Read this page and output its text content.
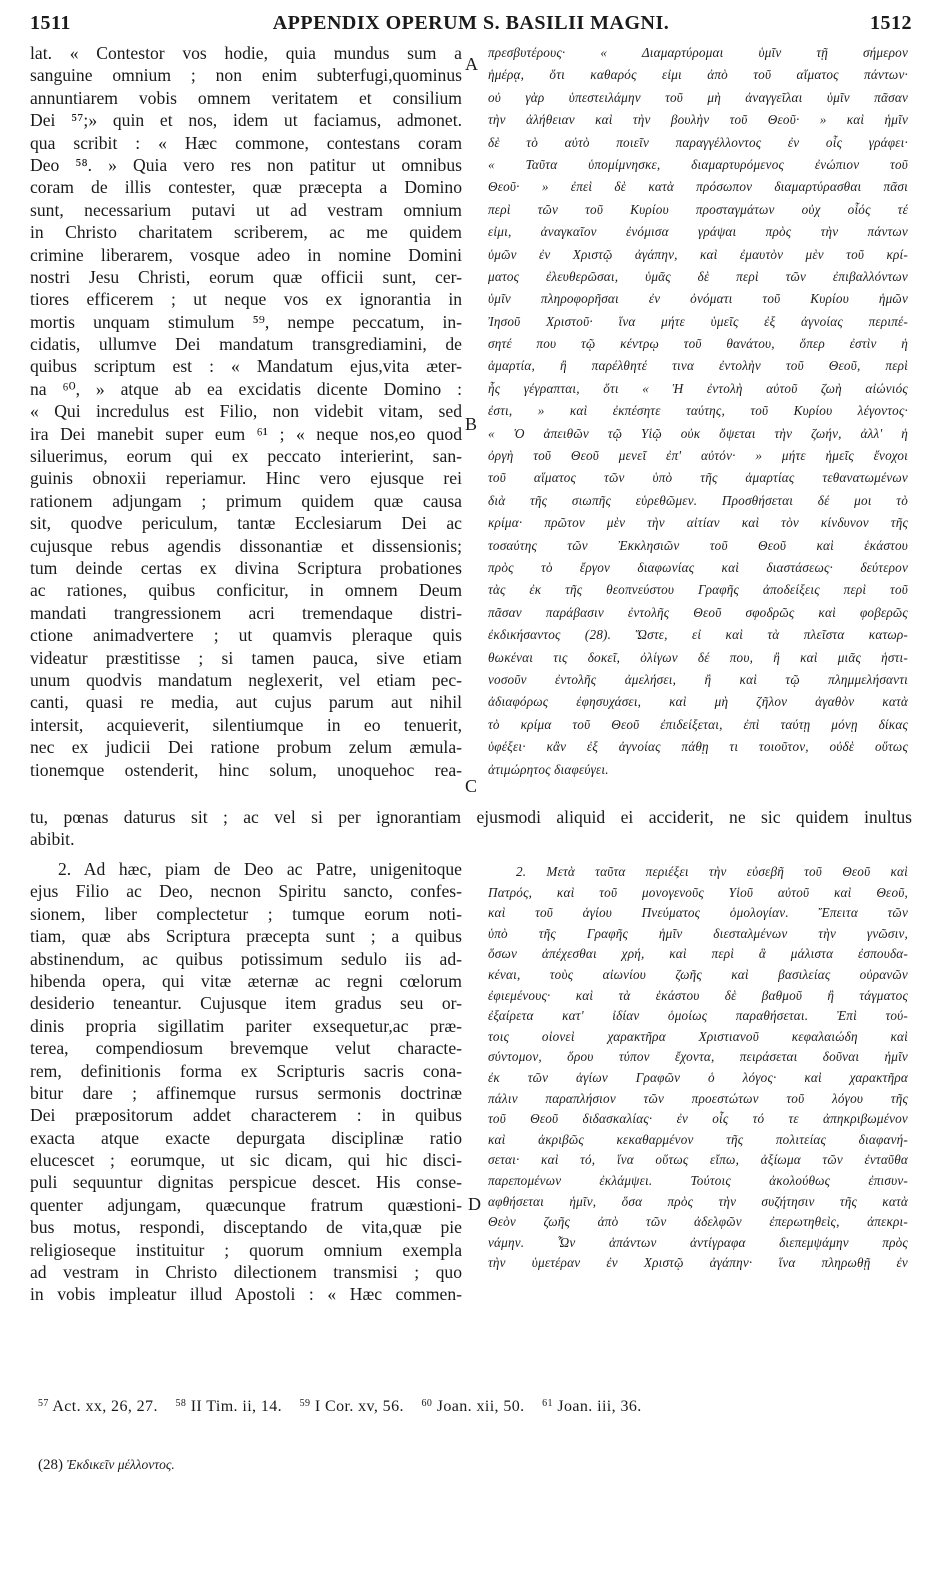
1511	APPENDIX OPERUM S. BASILII MAGNI.	1512
lat. « Contestor vos hodie, quia mundus sum a
sanguine omnium ; non enim subterfugi,quominus
annuntiarem vobis omnem veritatem et consilium
Dei ⁵⁷;» quin et nos, idem ut faciamus, admonet.
qua scribit : « Hæc commone, contestans coram
Deo ⁵⁸. » Quia vero res non patitur ut omnibus
coram de illis contester, quæ præcepta a Domino
sunt, necessarium putavi ut ad vestram omnium
in Christo charitatem scriberem, ac me quidem
crimine liberarem, vosque adeo in nomine Domini
nostri Jesu Christi, eorum quæ officii sunt, cer-
tiores efficerem ; ut neque vos ex ignorantia in
mortis unquam stimulum ⁵⁹, nempe peccatum, in-
cidatis, ullumve Dei mandatum transgrediamini, de
quibus scriptum est : « Mandatum ejus,vita æter-
na ⁶⁰, » atque ab ea excidatis dicente Domino :
« Qui incredulus est Filio, non videbit vitam, sed
ira Dei manebit super eum ⁶¹ ; « neque nos,eo quod
siluerimus, eorum qui ex peccato interierint, san-
guinis obnoxii reperiamur. Hinc vero ejusque rei
rationem adjungam ; primum quidem quæ causa
sit, quodve periculum, tantæ Ecclesiarum Dei ac
cujusque rebus agendis dissonantiæ et dissensionis;
tum deinde certas ex divina Scriptura probationes
ac rationes, quibus conficitur, in omnem Deum
mandati trangressionem acri tremendaque distri-
ctione animadvertere ; ut quamvis pleraque quis
videatur præstitisse ; si tamen pauca, sive etiam
unum quodvis mandatum neglexerit, vel etiam pec-
canti, quasi re media, aut cujus parum aut nihil
intersit, acquieverit, silentiumque in eo tenuerit,
nec ex judicii Dei ratione probum zelum æmula-
tionemque ostenderit, hinc solum, unoquehoc rea-
πρεσβυτέρους· « Διαμαρτύρομαι ὑμῖν τῇ σήμερον
ἡμέρᾳ, ὅτι καθαρός εἰμι ἀπὸ τοῦ αἵματος πάντων·
οὐ γὰρ ὑπεστειλάμην τοῦ μὴ ἀναγγεῖλαι ὑμῖν πᾶσαν
τὴν ἀλήθειαν καὶ τὴν βουλὴν τοῦ Θεοῦ· » καὶ ἡμῖν
δὲ τὸ αὐτὸ ποιεῖν παραγγέλλοντος ἐν οἷς γράφει·
« Ταῦτα ὑπομίμνησκε, διαμαρτυρόμενος ἐνώπιον τοῦ
Θεοῦ· » ἐπεὶ δὲ κατὰ πρόσωπον διαμαρτύρασθαι πᾶσι
περὶ τῶν τοῦ Κυρίου προσταγμάτων οὐχ οἷός τέ
εἰμι, ἀναγκαῖον ἐνόμισα γράψαι πρὸς τὴν πάντων
ὑμῶν ἐν Χριστῷ ἀγάπην, καὶ ἐμαυτὸν μὲν τοῦ κρί-
ματος ἐλευθερῶσαι, ὑμᾶς δὲ περὶ τῶν ἐπιβαλλόντων
ὑμῖν πληροφορῆσαι ἐν ὀνόματι τοῦ Κυρίου ἡμῶν
Ἰησοῦ Χριστοῦ· ἵνα μήτε ὑμεῖς ἐξ ἀγνοίας περιπέ-
σητέ που τῷ κέντρῳ τοῦ θανάτου, ὅπερ ἐστὶν ἡ
ἁμαρτία, ἢ παρέλθητέ τινα ἐντολὴν τοῦ Θεοῦ, περὶ
ἧς γέγραπται, ὅτι « Ἡ ἐντολὴ αὐτοῦ ζωὴ αἰώνιός
ἐστι, » καὶ ἐκπέσητε ταύτης, τοῦ Κυρίου λέγοντος·
« Ὁ ἀπειθῶν τῷ Υἱῷ οὐκ ὄψεται τὴν ζωήν, ἀλλ' ἡ
ὀργὴ τοῦ Θεοῦ μενεῖ ἐπ' αὐτόν· » μήτε ἡμεῖς ἔνοχοι
τοῦ αἵματος τῶν ὑπὸ τῆς ἁμαρτίας τεθανατωμένων
διὰ τῆς σιωπῆς εὑρεθῶμεν. Προσθήσεται δέ μοι τὸ
κρίμα· πρῶτον μὲν τὴν αἰτίαν καὶ τὸν κίνδυνον τῆς
τοσαύτης τῶν Ἐκκλησιῶν τοῦ Θεοῦ καὶ ἑκάστου
πρὸς τὸ ἔργον διαφωνίας καὶ διαστάσεως· δεύτερον
τὰς ἐκ τῆς θεοπνεύστου Γραφῆς ἀποδείξεις περὶ τοῦ
πᾶσαν παράβασιν ἐντολῆς Θεοῦ σφοδρῶς καὶ φοβερῶς
ἐκδικήσαντος (28). Ὥστε, εἰ καὶ τὰ πλεῖστα κατωρ-
θωκέναι τις δοκεῖ, ὀλίγων δέ που, ἢ καὶ μιᾶς ἡστι-
νοσοῦν ἐντολῆς ἀμελήσει, ἢ καὶ τῷ πλημμελήσαντι
ἀδιαφόρως ἐφησυχάσει, καὶ μὴ ζῆλον ἀγαθὸν κατὰ
τὸ κρίμα τοῦ Θεοῦ ἐπιδείξεται, ἐπὶ ταύτῃ μόνῃ δίκας
ὑφέξει· κἂν ἐξ ἀγνοίας πάθῃ τι τοιοῦτον, οὐδὲ οὕτως
ἀτιμώρητος διαφεύγει.
tu, pœnas daturus sit ; ac vel si per ignorantiam ejusmodi aliquid ei acciderit, ne sic quidem inultus
abibit.
2. Ad hæc, piam de Deo ac Patre, unigenitoque
ejus Filio ac Deo, necnon Spiritu sancto, confes-
sionem, liber complectetur ; tumque eorum noti-
tiam, quæ abs Scriptura præcepta sunt ; a quibus
abstinendum, ac quibus potissimum sedulo iis ad-
hibenda opera, qui vitæ æternæ ac regni cœlorum
desiderio teneantur. Cujusque item gradus seu or-
dinis propria sigillatim pariter exsequetur,ac præ-
terea, compendiosum brevemque velut characte-
rem, definitionis forma ex Scripturis sacris cona-
bitur dare ; affinemque rursus sermonis doctrinæ
Dei præpositorum addet characterem : in quibus
exacta atque exacte depurgata disciplinæ ratio
elucescet ; eorumque, ut sic dicam, qui hic disci-
puli sequuntur dignitas perspicue descet. His conse-
quenter adjungam, quæcunque fratrum quæstioni-
bus motus, respondi, disceptando de vita,quæ pie
religioseque instituitur ; quorum omnium exempla
ad vestram in Christo dilectionem transmisi ; quo
in vobis impleatur illud Apostoli : « Hæc commen-
2. Μετὰ ταῦτα περιέξει τὴν εὐσεβῆ τοῦ Θεοῦ καὶ
Πατρός, καὶ τοῦ μονογενοῦς Υἱοῦ αὐτοῦ καὶ Θεοῦ,
καὶ τοῦ ἁγίου Πνεύματος ὁμολογίαν. Ἔπειτα τῶν
ὑπὸ τῆς Γραφῆς ἡμῖν διεσταλμένων τὴν γνῶσιν,
ὅσων ἀπέχεσθαι χρή, καὶ περὶ ἃ μάλιστα ἐσπουδα-
κέναι, τοὺς αἰωνίου ζωῆς καὶ βασιλείας οὐρανῶν
ἐφιεμένους· καὶ τὰ ἑκάστου δὲ βαθμοῦ ἢ τάγματος
ἐξαίρετα κατ' ἰδίαν ὁμοίως παραθήσεται. Ἐπὶ τού-
τοις οἱονεὶ χαρακτῆρα Χριστιανοῦ κεφαλαιώδη καὶ
σύντομον, ὅρου τύπον ἔχοντα, πειράσεται δοῦναι ἡμῖν
ἐκ τῶν ἁγίων Γραφῶν ὁ λόγος· καὶ χαρακτῆρα
πάλιν παραπλήσιον τῶν προεστώτων τοῦ λόγου τῆς
τοῦ Θεοῦ διδασκαλίας· ἐν οἷς τό τε ἀπηκριβωμένον
καὶ ἀκριβῶς κεκαθαρμένον τῆς πολιτείας διαφανή-
σεται· καὶ τό, ἵνα οὕτως εἴπω, ἀξίωμα τῶν ἐνταῦθα
παρεπομένων ἐκλάμψει. Τούτοις ἀκολούθως ἐπισυν-
αφθήσεται ἡμῖν, ὅσα πρὸς τὴν συζήτησιν τῆς κατὰ
Θεὸν ζωῆς ἀπὸ τῶν ἀδελφῶν ἐπερωτηθεὶς, ἀπεκρι-
νάμην. Ὧν ἁπάντων ἀντίγραφα διεπεμψάμην πρὸς
τὴν ὑμετέραν ἐν Χριστῷ ἀγάπην· ἵνα πληρωθῇ ἐν
A
B
C
D
$^{57}$ Act. xx, 26, 27. $^{58}$ II Tim. ii, 14. $^{59}$ I Cor. xv, 56. $^{60}$ Joan. xii, 50. $^{61}$ Joan. iii, 36.
(28) Ἐκδικεῖν μέλλοντος.
